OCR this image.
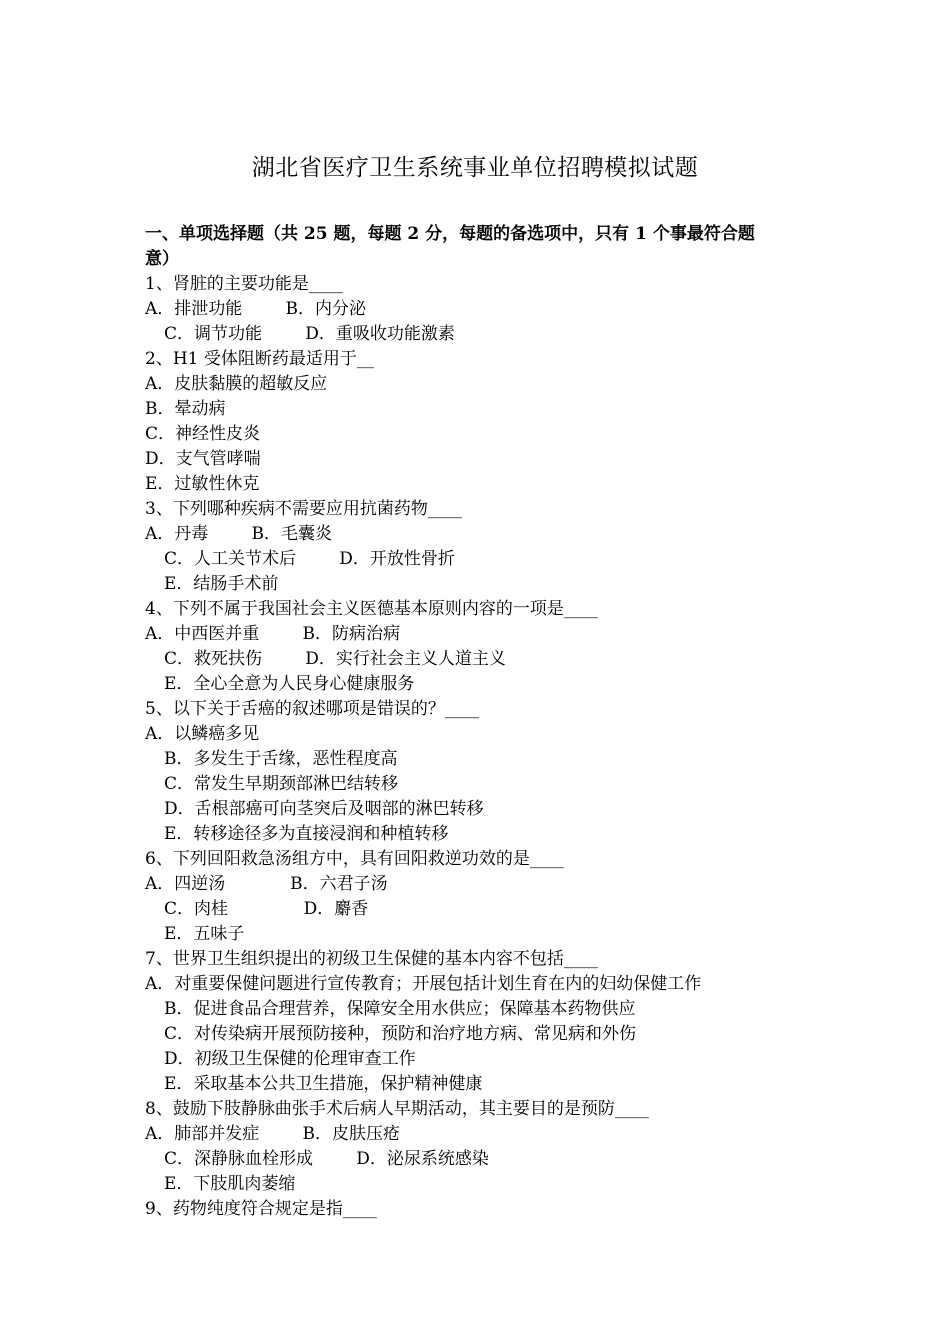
湖北省医疗卫生系统事业单位招聘模拟试题
一、单项选择题（共 25 题，每题 2 分，每题的备选项中，只有 1 个事最符合题
意）
1、肾脏的主要功能是____
A．排泄功能        B．内分泌
C．调节功能        D．重吸收功能激素
2、H1 受体阻断药最适用于__
A．皮肤黏膜的超敏反应
B．晕动病
C．神经性皮炎
D．支气管哮喘
E．过敏性休克
3、下列哪种疾病不需要应用抗菌药物____
A．丹毒        B．毛囊炎
C．人工关节术后        D．开放性骨折
E．结肠手术前
4、下列不属于我国社会主义医德基本原则内容的一项是____
A．中西医并重        B．防病治病
C．救死扶伤        D．实行社会主义人道主义
E．全心全意为人民身心健康服务
5、以下关于舌癌的叙述哪项是错误的？____
A．以鳞癌多见
B．多发生于舌缘，恶性程度高
C．常发生早期颈部淋巴结转移
D．舌根部癌可向茎突后及咽部的淋巴转移
E．转移途径多为直接浸润和种植转移
6、下列回阳救急汤组方中，具有回阳救逆功效的是____
A．四逆汤            B．六君子汤
C．肉桂              D．麝香
E．五味子
7、世界卫生组织提出的初级卫生保健的基本内容不包括____
A．对重要保健问题进行宣传教育；开展包括计划生育在内的妇幼保健工作
B．促进食品合理营养，保障安全用水供应；保障基本药物供应
C．对传染病开展预防接种，预防和治疗地方病、常见病和外伤
D．初级卫生保健的伦理审查工作
E．采取基本公共卫生措施，保护精神健康
8、鼓励下肢静脉曲张手术后病人早期活动，其主要目的是预防____
A．肺部并发症        B．皮肤压疮
C．深静脉血栓形成        D．泌尿系统感染
E．下肢肌肉萎缩
9、药物纯度符合规定是指____
